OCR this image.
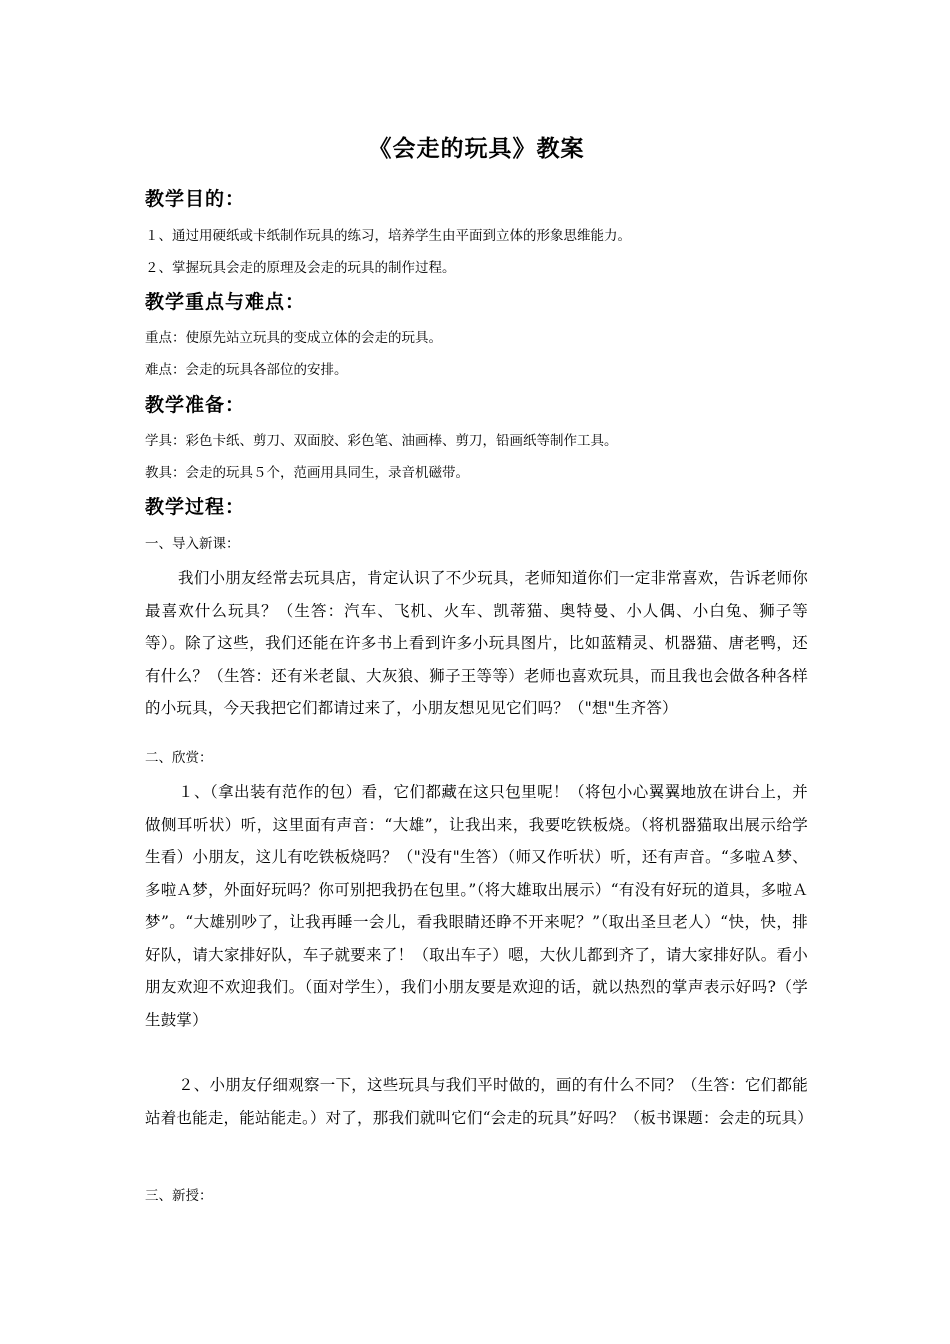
《会走的玩具》教案
教学目的：
１、通过用硬纸或卡纸制作玩具的练习，培养学生由平面到立体的形象思维能力。
２、掌握玩具会走的原理及会走的玩具的制作过程。
教学重点与难点：
重点：使原先站立玩具的变成立体的会走的玩具。
难点：会走的玩具各部位的安排。
教学准备：
学具：彩色卡纸、剪刀、双面胶、彩色笔、油画棒、剪刀，铅画纸等制作工具。
教具：会走的玩具５个，范画用具同生，录音机磁带。
教学过程：
一、导入新课：
我们小朋友经常去玩具店，肯定认识了不少玩具，老师知道你们一定非常喜欢，告诉老师你最喜欢什么玩具？（生答：汽车、飞机、火车、凯蒂猫、奥特曼、小人偶、小白兔、狮子等等）。除了这些，我们还能在许多书上看到许多小玩具图片，比如蓝精灵、机器猫、唐老鸭，还有什么？（生答：还有米老鼠、大灰狼、狮子王等等）老师也喜欢玩具，而且我也会做各种各样的小玩具，今天我把它们都请过来了，小朋友想见见它们吗？（"想"生齐答）
二、欣赏：
１、（拿出装有范作的包）看，它们都藏在这只包里呢！（将包小心翼翼地放在讲台上，并做侧耳听状）听，这里面有声音：“大雄”，让我出来，我要吃铁板烧。（将机器猫取出展示给学生看）小朋友，这儿有吃铁板烧吗？（"没有"生答）（师又作听状）听，还有声音。“多啦Ａ梦、多啦Ａ梦，外面好玩吗？你可别把我扔在包里。”（将大雄取出展示）“有没有好玩的道具，多啦Ａ梦”。“大雄别吵了，让我再睡一会儿，看我眼睛还睁不开来呢？”（取出圣旦老人）“快，快，排好队，请大家排好队，车子就要来了！（取出车子）嗯，大伙儿都到齐了，请大家排好队。看小朋友欢迎不欢迎我们。（面对学生），我们小朋友要是欢迎的话，就以热烈的掌声表示好吗?（学生鼓掌）
２、小朋友仔细观察一下，这些玩具与我们平时做的，画的有什么不同？（生答：它们都能站着也能走，能站能走。）对了，那我们就叫它们“会走的玩具”好吗？（板书课题：会走的玩具）
三、新授：
